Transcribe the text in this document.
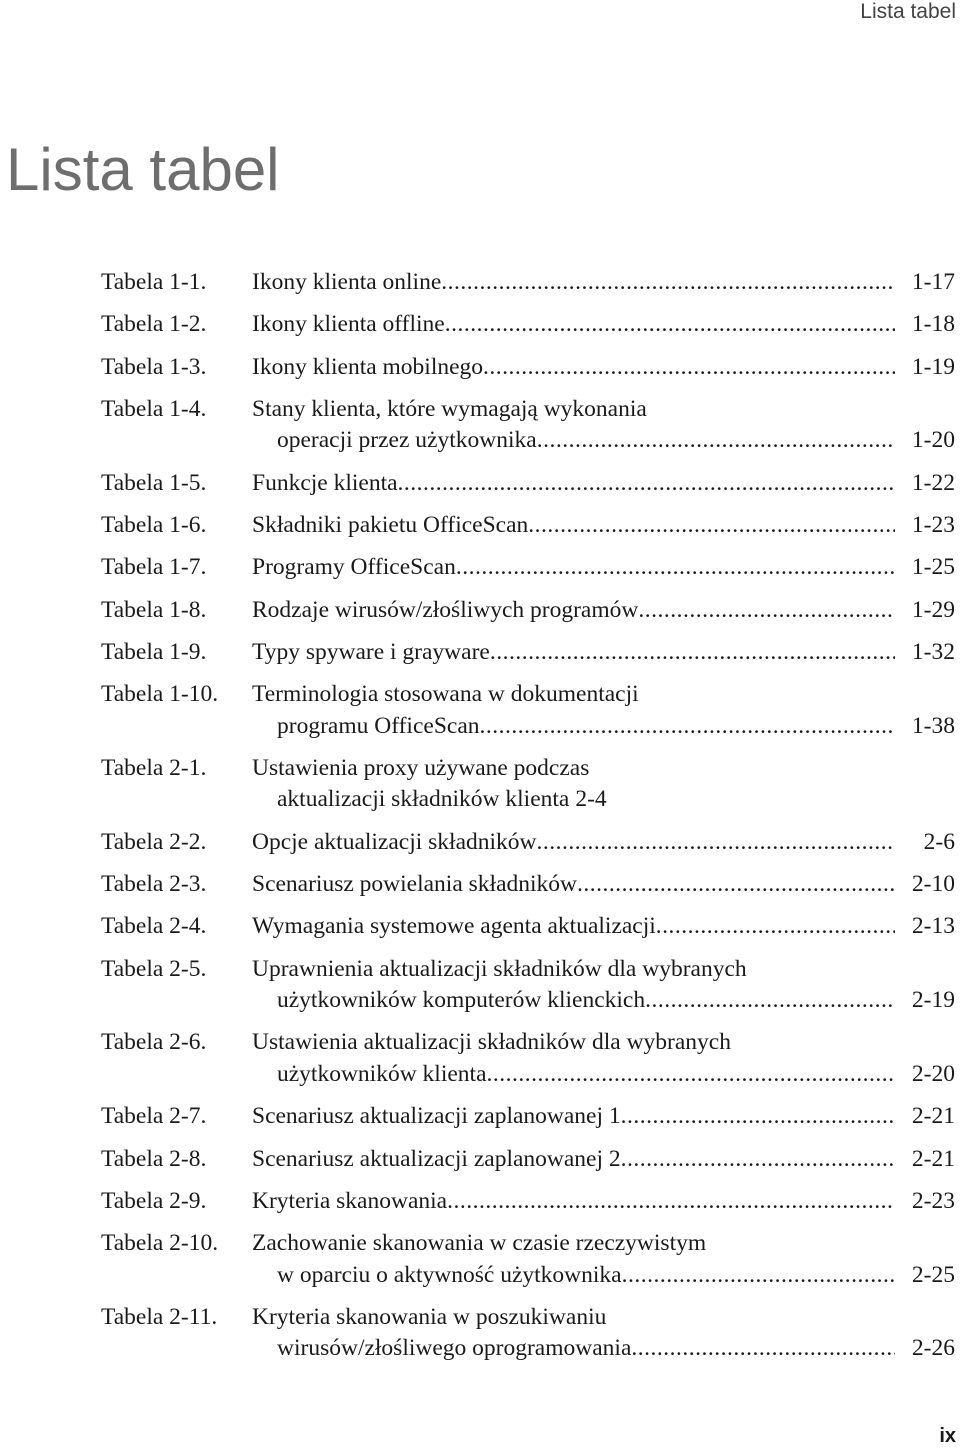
Lista tabel
Lista tabel
Tabela 1-1.	Ikony klienta online .....	1-17
Tabela 1-2.	Ikony klienta offline .....	1-18
Tabela 1-3.	Ikony klienta mobilnego .....	1-19
Tabela 1-4.	Stany klienta, które wymagają wykonania
operacji przez użytkownika .....	1-20
Tabela 1-5.	Funkcje klienta .....	1-22
Tabela 1-6.	Składniki pakietu OfficeScan .....	1-23
Tabela 1-7.	Programy OfficeScan .....	1-25
Tabela 1-8.	Rodzaje wirusów/złośliwych programów .....	1-29
Tabela 1-9.	Typy spyware i grayware .....	1-32
Tabela 1-10.	Terminologia stosowana w dokumentacji
programu OfficeScan .....	1-38
Tabela 2-1.	Ustawienia proxy używane podczas
aktualizacji składników klienta 2-4
Tabela 2-2.	Opcje aktualizacji składników .....	2-6
Tabela 2-3.	Scenariusz powielania składników .....	2-10
Tabela 2-4.	Wymagania systemowe agenta aktualizacji .....	2-13
Tabela 2-5.	Uprawnienia aktualizacji składników dla wybranych
użytkowników komputerów klienckich .....	2-19
Tabela 2-6.	Ustawienia aktualizacji składników dla wybranych
użytkowników klienta .....	2-20
Tabela 2-7.	Scenariusz aktualizacji zaplanowanej 1 .....	2-21
Tabela 2-8.	Scenariusz aktualizacji zaplanowanej 2 .....	2-21
Tabela 2-9.	Kryteria skanowania .....	2-23
Tabela 2-10.	Zachowanie skanowania w czasie rzeczywistym
w oparciu o aktywność użytkownika .....	2-25
Tabela 2-11.	Kryteria skanowania w poszukiwaniu
wirusów/złośliwego oprogramowania .....	2-26
ix
